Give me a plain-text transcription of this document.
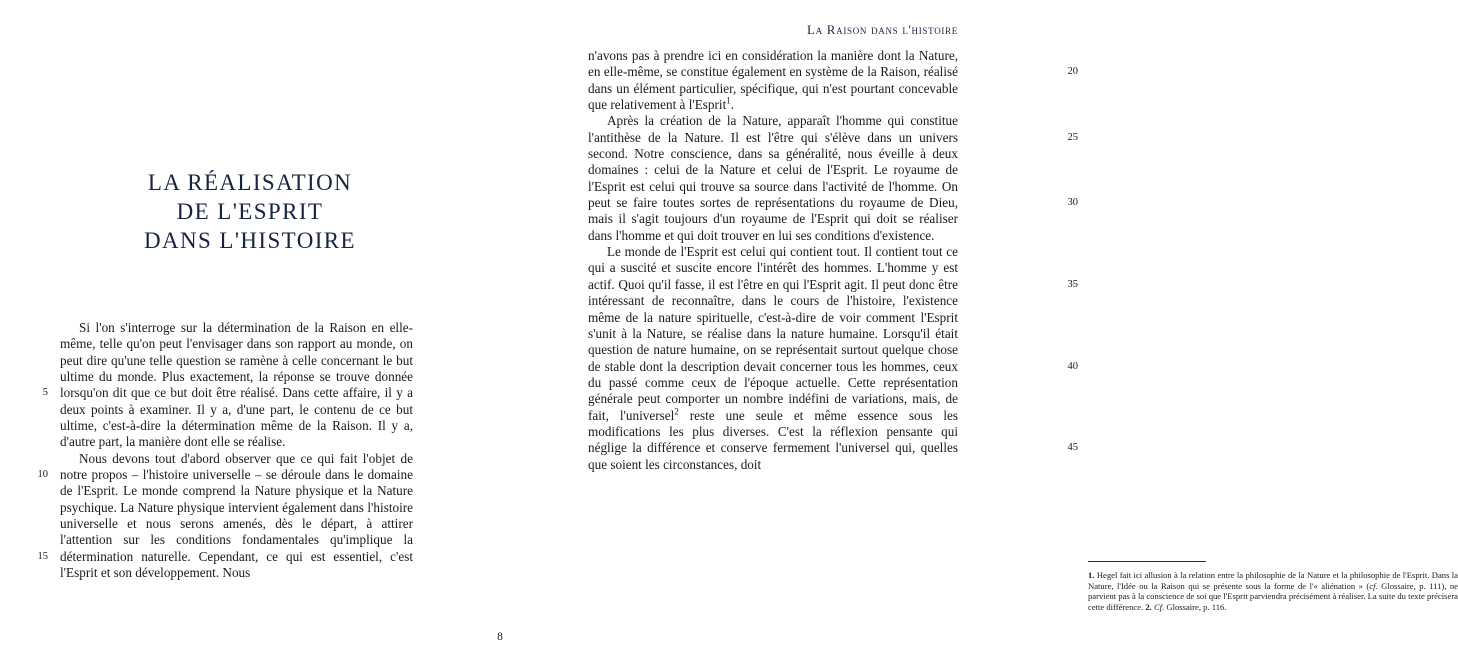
LA RÉALISATION
DE L'ESPRIT
DANS L'HISTOIRE
5
10
15

Si l'on s'interroge sur la détermination de la Raison en elle-même, telle qu'on peut l'envisager dans son rapport au monde, on peut dire qu'une telle question se ramène à celle concernant le but ultime du monde. Plus exactement, la réponse se trouve donnée lorsqu'on dit que ce but doit être réalisé. Dans cette affaire, il y a deux points à examiner. Il y a, d'une part, le contenu de ce but ultime, c'est-à-dire la détermination même de la Raison. Il y a, d'autre part, la manière dont elle se réalise.

Nous devons tout d'abord observer que ce qui fait l'objet de notre propos – l'histoire universelle – se déroule dans le domaine de l'Esprit. Le monde comprend la Nature physique et la Nature psychique. La Nature physique intervient également dans l'histoire universelle et nous serons amenés, dès le départ, à attirer l'attention sur les conditions fondamentales qu'implique la détermination naturelle. Cependant, ce qui est essentiel, c'est l'Esprit et son développement. Nous

La Raison dans l'histoire
20
25
30
35
40
45

n'avons pas à prendre ici en considération la manière dont la Nature, en elle-même, se constitue également en système de la Raison, réalisé dans un élément particulier, spécifique, qui n'est pourtant concevable que relativement à l'Esprit$^1$.

Après la création de la Nature, apparaît l'homme qui constitue l'antithèse de la Nature. Il est l'être qui s'élève dans un univers second. Notre conscience, dans sa généralité, nous éveille à deux domaines : celui de la Nature et celui de l'Esprit. Le royaume de l'Esprit est celui qui trouve sa source dans l'activité de l'homme. On peut se faire toutes sortes de représentations du royaume de Dieu, mais il s'agit toujours d'un royaume de l'Esprit qui doit se réaliser dans l'homme et qui doit trouver en lui ses conditions d'existence.

Le monde de l'Esprit est celui qui contient tout. Il contient tout ce qui a suscité et suscite encore l'intérêt des hommes. L'homme y est actif. Quoi qu'il fasse, il est l'être en qui l'Esprit agit. Il peut donc être intéressant de reconnaître, dans le cours de l'histoire, l'existence même de la nature spirituelle, c'est-à-dire de voir comment l'Esprit s'unit à la Nature, se réalise dans la nature humaine. Lorsqu'il était question de nature humaine, on se représentait surtout quelque chose de stable dont la description devait concerner tous les hommes, ceux du passé comme ceux de l'époque actuelle. Cette représentation générale peut comporter un nombre indéfini de variations, mais, de fait, l'universel$^2$ reste une seule et même essence sous les modifications les plus diverses. C'est la réflexion pensante qui néglige la différence et conserve fermement l'universel qui, quelles que soient les circonstances, doit

1. Hegel fait ici allusion à la relation entre la philosophie de la Nature et la philosophie de l'Esprit. Dans la Nature, l'Idée ou la Raison qui se présente sous la forme de l'« aliénation » (cf. Glossaire, p. 111), ne parvient pas à la conscience de soi que l'Esprit parviendra précisément à réaliser. La suite du texte précisera cette différence. 2. Cf. Glossaire, p. 116.

8
